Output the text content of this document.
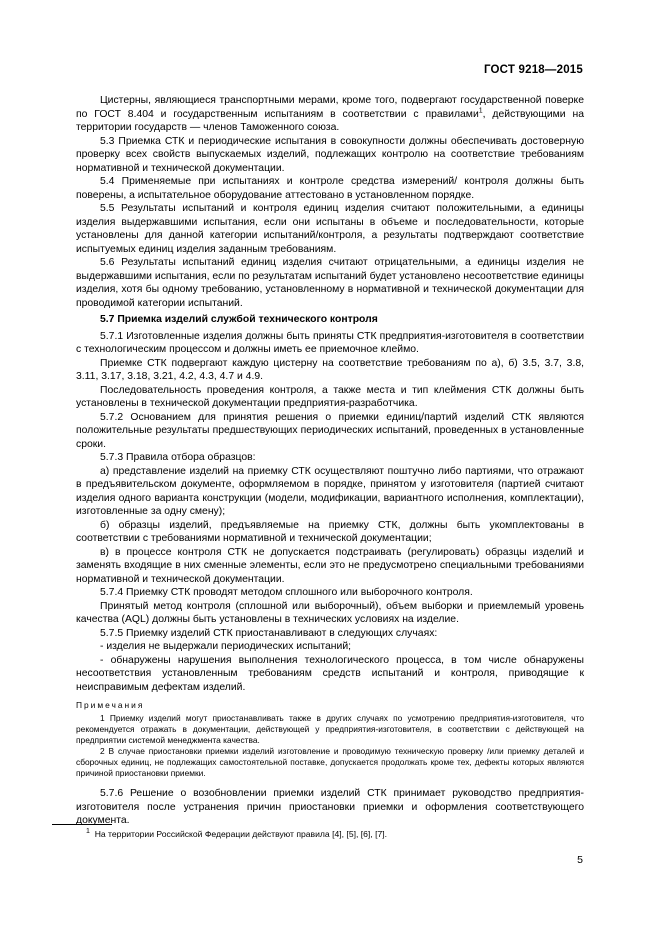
ГОСТ 9218—2015

Цистерны, являющиеся транспортными мерами, кроме того, подвергают государственной поверке по ГОСТ 8.404 и государственным испытаниям в соответствии с правилами$^1$, действующими на территории государств — членов Таможенного союза.

5.3 Приемка СТК и периодические испытания в совокупности должны обеспечивать достоверную проверку всех свойств выпускаемых изделий, подлежащих контролю на соответствие требованиям нормативной и технической документации.

5.4 Применяемые при испытаниях и контроле средства измерений/ контроля должны быть поверены, а испытательное оборудование аттестовано в установленном порядке.

5.5 Результаты испытаний и контроля единиц изделия считают положительными, а единицы изделия выдержавшими испытания, если они испытаны в объеме и последовательности, которые установлены для данной категории испытаний/контроля, а результаты подтверждают соответствие испытуемых единиц изделия заданным требованиям.

5.6 Результаты испытаний единиц изделия считают отрицательными, а единицы изделия не выдержавшими испытания, если по результатам испытаний будет установлено несоответствие единицы изделия, хотя бы одному требованию, установленному в нормативной и технической документации для проводимой категории испытаний.

5.7 Приемка изделий службой технического контроля

5.7.1 Изготовленные изделия должны быть приняты СТК предприятия-изготовителя в соответствии с технологическим процессом и должны иметь ее приемочное клеймо.

Приемке СТК подвергают каждую цистерну на соответствие требованиям по а), б) 3.5, 3.7, 3.8, 3.11, 3.17, 3.18, 3.21, 4.2, 4.3, 4.7 и 4.9.

Последовательность проведения контроля, а также места и тип клеймения СТК должны быть установлены в технической документации предприятия-разработчика.

5.7.2 Основанием для принятия решения о приемки единиц/партий изделий СТК являются положительные результаты предшествующих периодических испытаний, проведенных в установленные сроки.

5.7.3 Правила отбора образцов:

а) представление изделий на приемку СТК осуществляют поштучно либо партиями, что отражают в предъявительском документе, оформляемом в порядке, принятом у изготовителя (партией считают изделия одного варианта конструкции (модели, модификации, вариантного исполнения, комплектации), изготовленные за одну смену);

б) образцы изделий, предъявляемые на приемку СТК, должны быть укомплектованы в соответствии с требованиями нормативной и технической документации;

в) в процессе контроля СТК не допускается подстраивать (регулировать) образцы изделий и заменять входящие в них сменные элементы, если это не предусмотрено специальными требованиями нормативной и технической документации.

5.7.4 Приемку СТК проводят методом сплошного или выборочного контроля.

Принятый метод контроля (сплошной или выборочный), объем выборки и приемлемый уровень качества (AQL) должны быть установлены в технических условиях на изделие.

5.7.5 Приемку изделий СТК приостанавливают в следующих случаях:

- изделия не выдержали периодических испытаний;

- обнаружены нарушения выполнения технологического процесса, в том числе обнаружены несоответствия установленным требованиям средств испытаний и контроля, приводящие к неисправимым дефектам изделий.

Примечания

1 Приемку изделий могут приостанавливать также в других случаях по усмотрению предприятия-изготовителя, что рекомендуется отражать в документации, действующей у предприятия-изготовителя, в соответствии с действующей на предприятии системой менеджмента качества.

2 В случае приостановки приемки изделий изготовление и проводимую техническую проверку /или приемку деталей и сборочных единиц, не подлежащих самостоятельной поставке, допускается продолжать кроме тех, дефекты которых являются причиной приостановки приемки.

5.7.6 Решение о возобновлении приемки изделий СТК принимает руководство предприятия-изготовителя после устранения причин приостановки приемки и оформления соответствующего документа.

$^1$ На территории Российской Федерации действуют правила [4], [5], [6], [7].
5
